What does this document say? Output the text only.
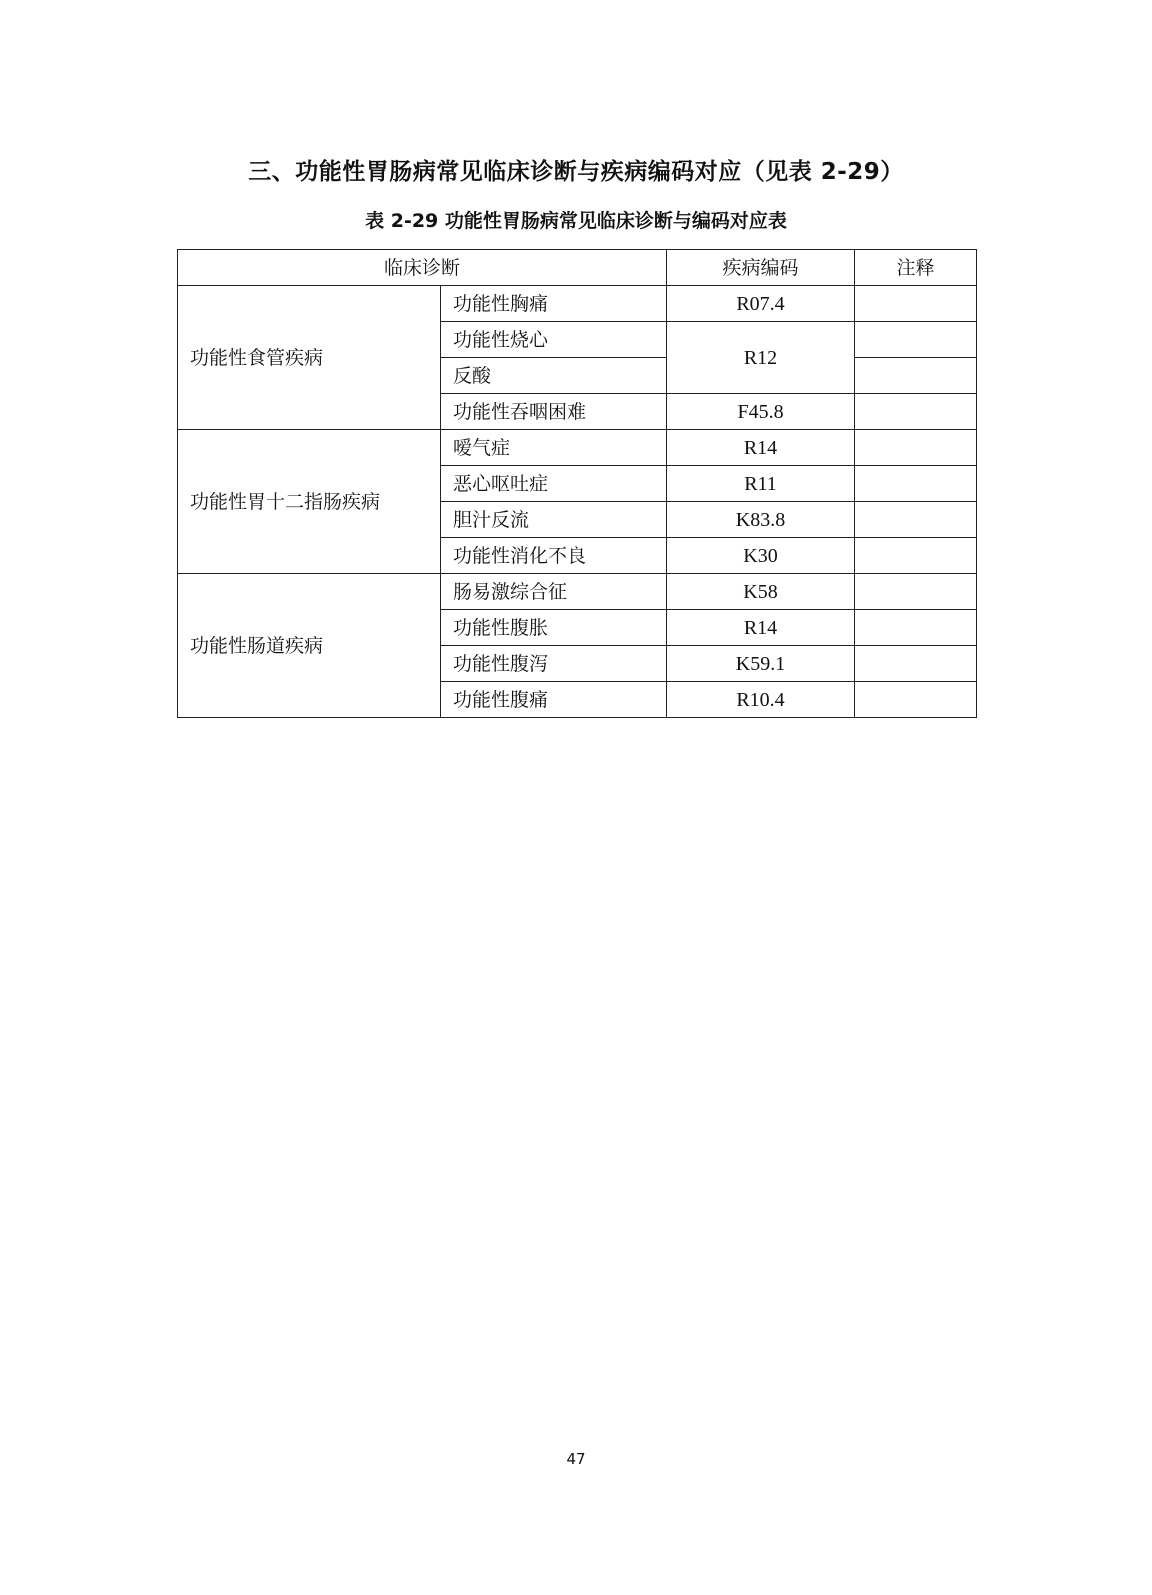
三、功能性胃肠病常见临床诊断与疾病编码对应（见表 2-29）
表 2-29 功能性胃肠病常见临床诊断与编码对应表
临床诊断		疾病编码	注释
功能性食管疾病	功能性胸痛	R07.4	
	功能性烧心	R12	
	反酸		
	功能性吞咽困难	F45.8	
功能性胃十二指肠疾病	嗳气症	R14	
	恶心呕吐症	R11	
	胆汁反流	K83.8	
	功能性消化不良	K30	
功能性肠道疾病	肠易激综合征	K58	
	功能性腹胀	R14	
	功能性腹泻	K59.1	
	功能性腹痛	R10.4	
47
